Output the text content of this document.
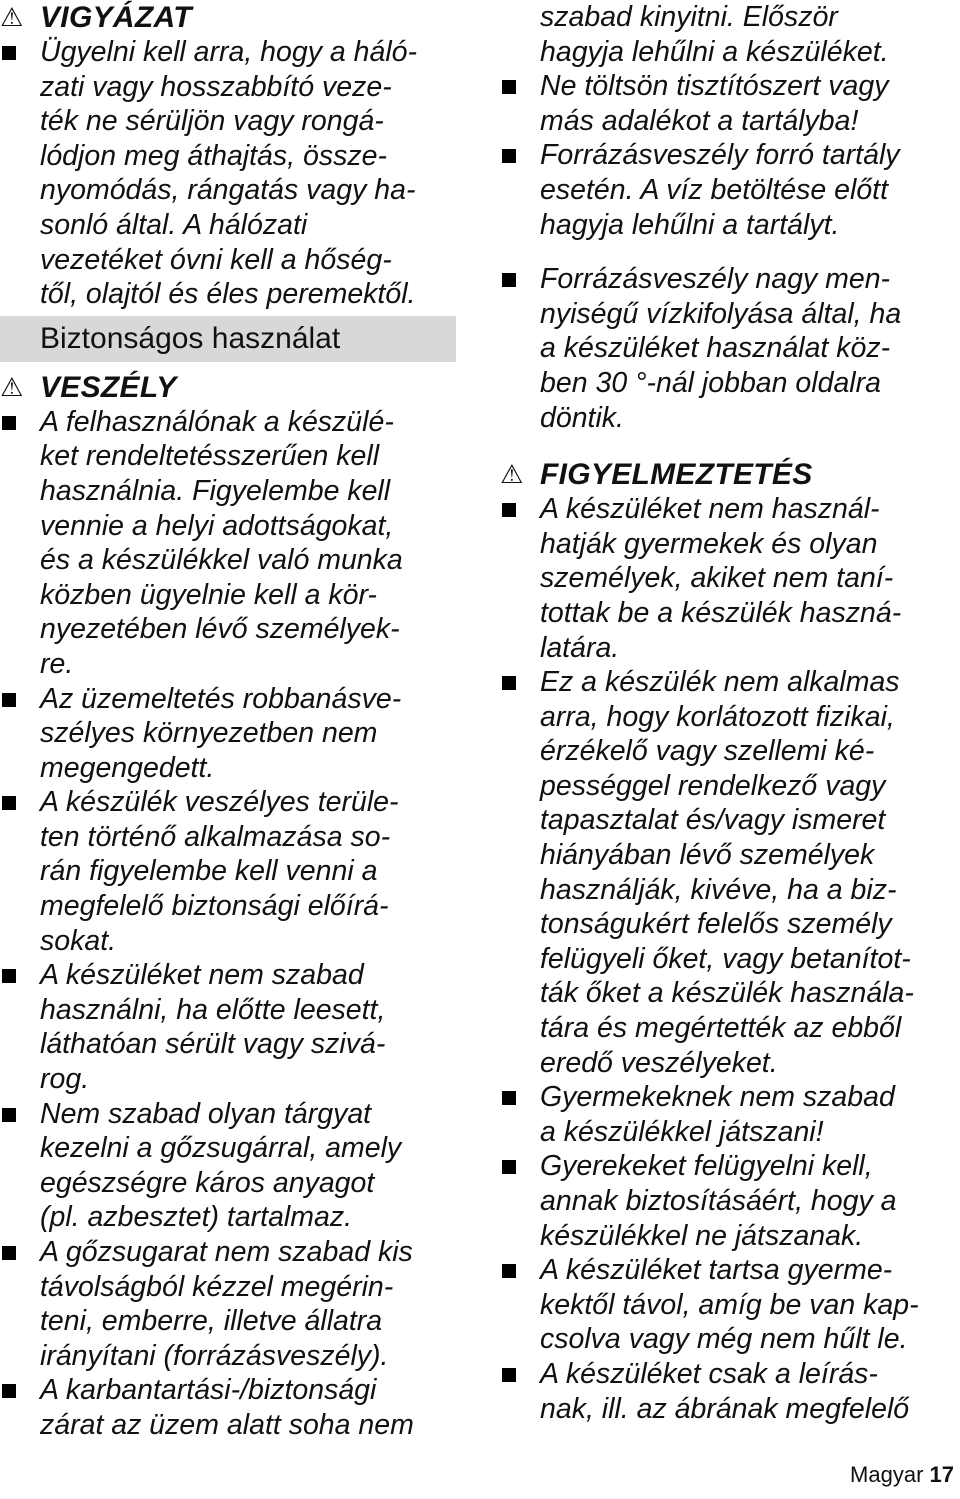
⚠ VIGYÁZAT
Ügyelni kell arra, hogy a háló-
zati vagy hosszabbító veze-
ték ne sérüljön vagy rongá-
lódjon meg áthajtás, össze-
nyomódás, rángatás vagy ha-
sonló által. A hálózati
vezetéket óvni kell a hőség-
től, olajtól és éles peremektől.
Biztonságos használat
⚠ VESZÉLY
A felhasználónak a készülé-
ket rendeltetésszerűen kell
használnia. Figyelembe kell
vennie a helyi adottságokat,
és a készülékkel való munka
közben ügyelnie kell a kör-
nyezetében lévő személyek-
re.
Az üzemeltetés robbanásve-
szélyes környezetben nem
megengedett.
A készülék veszélyes terüle-
ten történő alkalmazása so-
rán figyelembe kell venni a
megfelelő biztonsági előírá-
sokat.
A készüléket nem szabad
használni, ha előtte leesett,
láthatóan sérült vagy szivá-
rog.
Nem szabad olyan tárgyat
kezelni a gőzsugárral, amely
egészségre káros anyagot
(pl. azbesztet) tartalmaz.
A gőzsugarat nem szabad kis
távolságból kézzel megérin-
teni, emberre, illetve állatra
irányítani (forrázásveszély).
A karbantartási-/biztonsági
zárat az üzem alatt soha nem
szabad kinyitni. Először
hagyja lehűlni a készüléket.
Ne töltsön tisztítószert vagy
más adalékot a tartályba!
Forrázásveszély forró tartály
esetén. A víz betöltése előtt
hagyja lehűlni a tartályt.
Forrázásveszély nagy men-
nyiségű vízkifolyása által, ha
a készüléket használat köz-
ben 30 °-nál jobban oldalra
döntik.
⚠ FIGYELMEZTETÉS
A készüléket nem használ-
hatják gyermekek és olyan
személyek, akiket nem taní-
tottak be a készülék haszná-
latára.
Ez a készülék nem alkalmas
arra, hogy korlátozott fizikai,
érzékelő vagy szellemi ké-
pességgel rendelkező vagy
tapasztalat és/vagy ismeret
hiányában lévő személyek
használják, kivéve, ha a biz-
tonságukért felelős személy
felügyeli őket, vagy betanítot-
ták őket a készülék használa-
tára és megértették az ebből
eredő veszélyeket.
Gyermekeknek nem szabad
a készülékkel játszani!
Gyerekeket felügyelni kell,
annak biztosításáért, hogy a
készülékkel ne játszanak.
A készüléket tartsa gyerme-
kektől távol, amíg be van kap-
csolva vagy még nem hűlt le.
A készüléket csak a leírás-
nak, ill. az ábrának megfelelő
Magyar 17
